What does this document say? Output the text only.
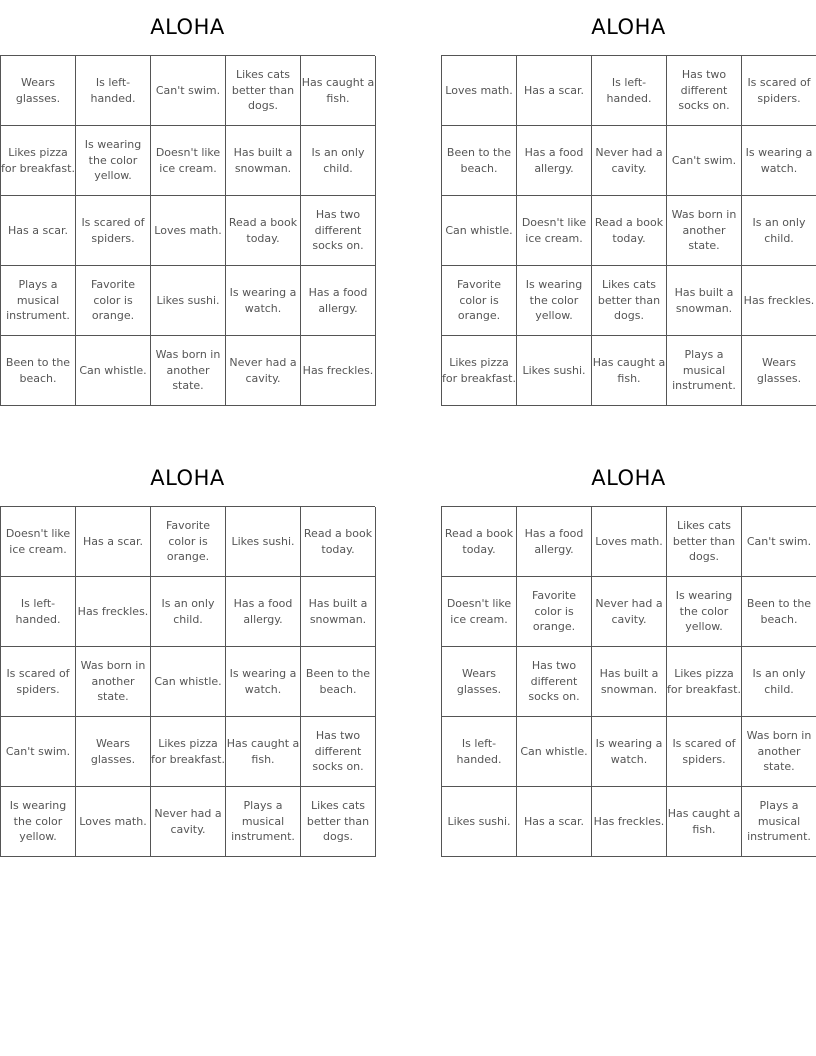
ALOHA
Wears glasses.
Is left-handed.
Can't swim.
Likes cats better than dogs.
Has caught a fish.
Likes pizza for breakfast.
Is wearing the color yellow.
Doesn't like ice cream.
Has built a snowman.
Is an only child.
Has a scar.
Is scared of spiders.
Loves math.
Read a book today.
Has two different socks on.
Plays a musical instrument.
Favorite color is orange.
Likes sushi.
Is wearing a watch.
Has a food allergy.
Been to the beach.
Can whistle.
Was born in another state.
Never had a cavity.
Has freckles.
ALOHA
Loves math.	Has a scar.
Is left-handed.
Has two different socks on.
Is scared of spiders.
Been to the beach.
Has a food allergy.
Never had a cavity.
Can't swim.
Is wearing a watch.
Can whistle.
Doesn't like ice cream.
Read a book today.
Was born in another state.
Is an only child.
Favorite color is orange.
Is wearing the color yellow.
Likes cats better than dogs.
Has built a snowman.
Has freckles.
Likes pizza for breakfast.
Likes sushi.
Has caught a fish.
Plays a musical instrument.
Wears glasses.
ALOHA
Doesn't like ice cream.
Has a scar.
Favorite color is orange.
Likes sushi.
Read a book today.
Is left-handed.
Has freckles.
Is an only child.
Has a food allergy.
Has built a snowman.
Is scared of spiders.
Was born in another state.
Can whistle.
Is wearing a watch.
Been to the beach.
Can't swim.
Wears glasses.
Likes pizza for breakfast.
Has caught a fish.
Has two different socks on.
Is wearing the color yellow.
Loves math.
Never had a cavity.
Plays a musical instrument.
Likes cats better than dogs.
ALOHA
Read a book today.
Has a food allergy.
Loves math.
Likes cats better than dogs.
Can't swim.
Doesn't like ice cream.
Favorite color is orange.
Never had a cavity.
Is wearing the color yellow.
Been to the beach.
Wears glasses.
Has two different socks on.
Has built a snowman.
Likes pizza for breakfast.
Is an only child.
Is left-handed.
Can whistle.
Is wearing a watch.
Is scared of spiders.
Was born in another state.
Likes sushi.	Has a scar. Has freckles.
Has caught a fish.
Plays a musical instrument.
